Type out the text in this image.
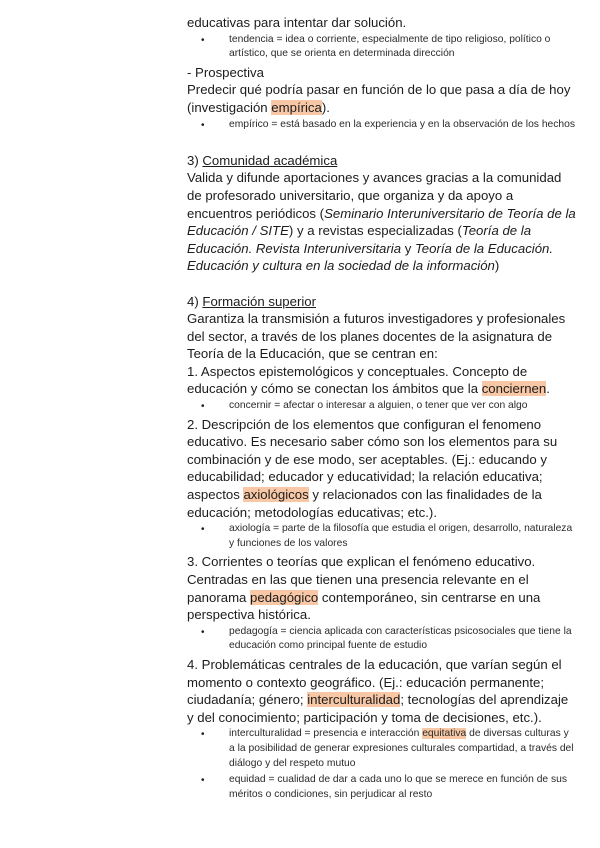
educativas para intentar dar solución.

• tendencia = idea o corriente, especialmente de tipo religioso, político o artístico, que se orienta en determinada dirección

- Prospectiva

Predecir qué podría pasar en función de lo que pasa a día de hoy (investigación empírica).

• empírico = está basado en la experiencia y en la observación de los hechos

3) Comunidad académica

Valida y difunde aportaciones y avances gracias a la comunidad de profesorado universitario, que organiza y da apoyo a encuentros periódicos (Seminario Interuniversitario de Teoría de la Educación / SITE) y a revistas especializadas (Teoría de la Educación. Revista Interuniversitaria y Teoría de la Educación. Educación y cultura en la sociedad de la información)

4) Formación superior

Garantiza la transmisión a futuros investigadores y profesionales del sector, a través de los planes docentes de la asignatura de Teoría de la Educación, que se centran en:

1. Aspectos epistemológicos y conceptuales. Concepto de educación y cómo se conectan los ámbitos que la conciernen.

• concernir = afectar o interesar a alguien, o tener que ver con algo

2. Descripción de los elementos que configuran el fenomeno educativo. Es necesario saber cómo son los elementos para su combinación y de ese modo, ser aceptables. (Ej.: educando y educabilidad; educador y educatividad; la relación educativa; aspectos axiológicos y relacionados con las finalidades de la educación; metodologías educativas; etc.).

• axiología = parte de la filosofía que estudia el origen, desarrollo, naturaleza y funciones de los valores

3. Corrientes o teorías que explican el fenómeno educativo. Centradas en las que tienen una presencia relevante en el panorama pedagógico contemporáneo, sin centrarse en una perspectiva histórica.

• pedagogía = ciencia aplicada con características psicosociales que tiene la educación como principal fuente de estudio

4. Problemáticas centrales de la educación, que varían según el momento o contexto geográfico. (Ej.: educación permanente; ciudadanía; género; interculturalidad; tecnologías del aprendizaje y del conocimiento; participación y toma de decisiones, etc.).

• interculturalidad = presencia e interacción equitativa de diversas culturas y a la posibilidad de generar expresiones culturales compartidad, a través del diálogo y del respeto mutuo
• equidad = cualidad de dar a cada uno lo que se merece en función de sus méritos o condiciones, sin perjudicar al resto
